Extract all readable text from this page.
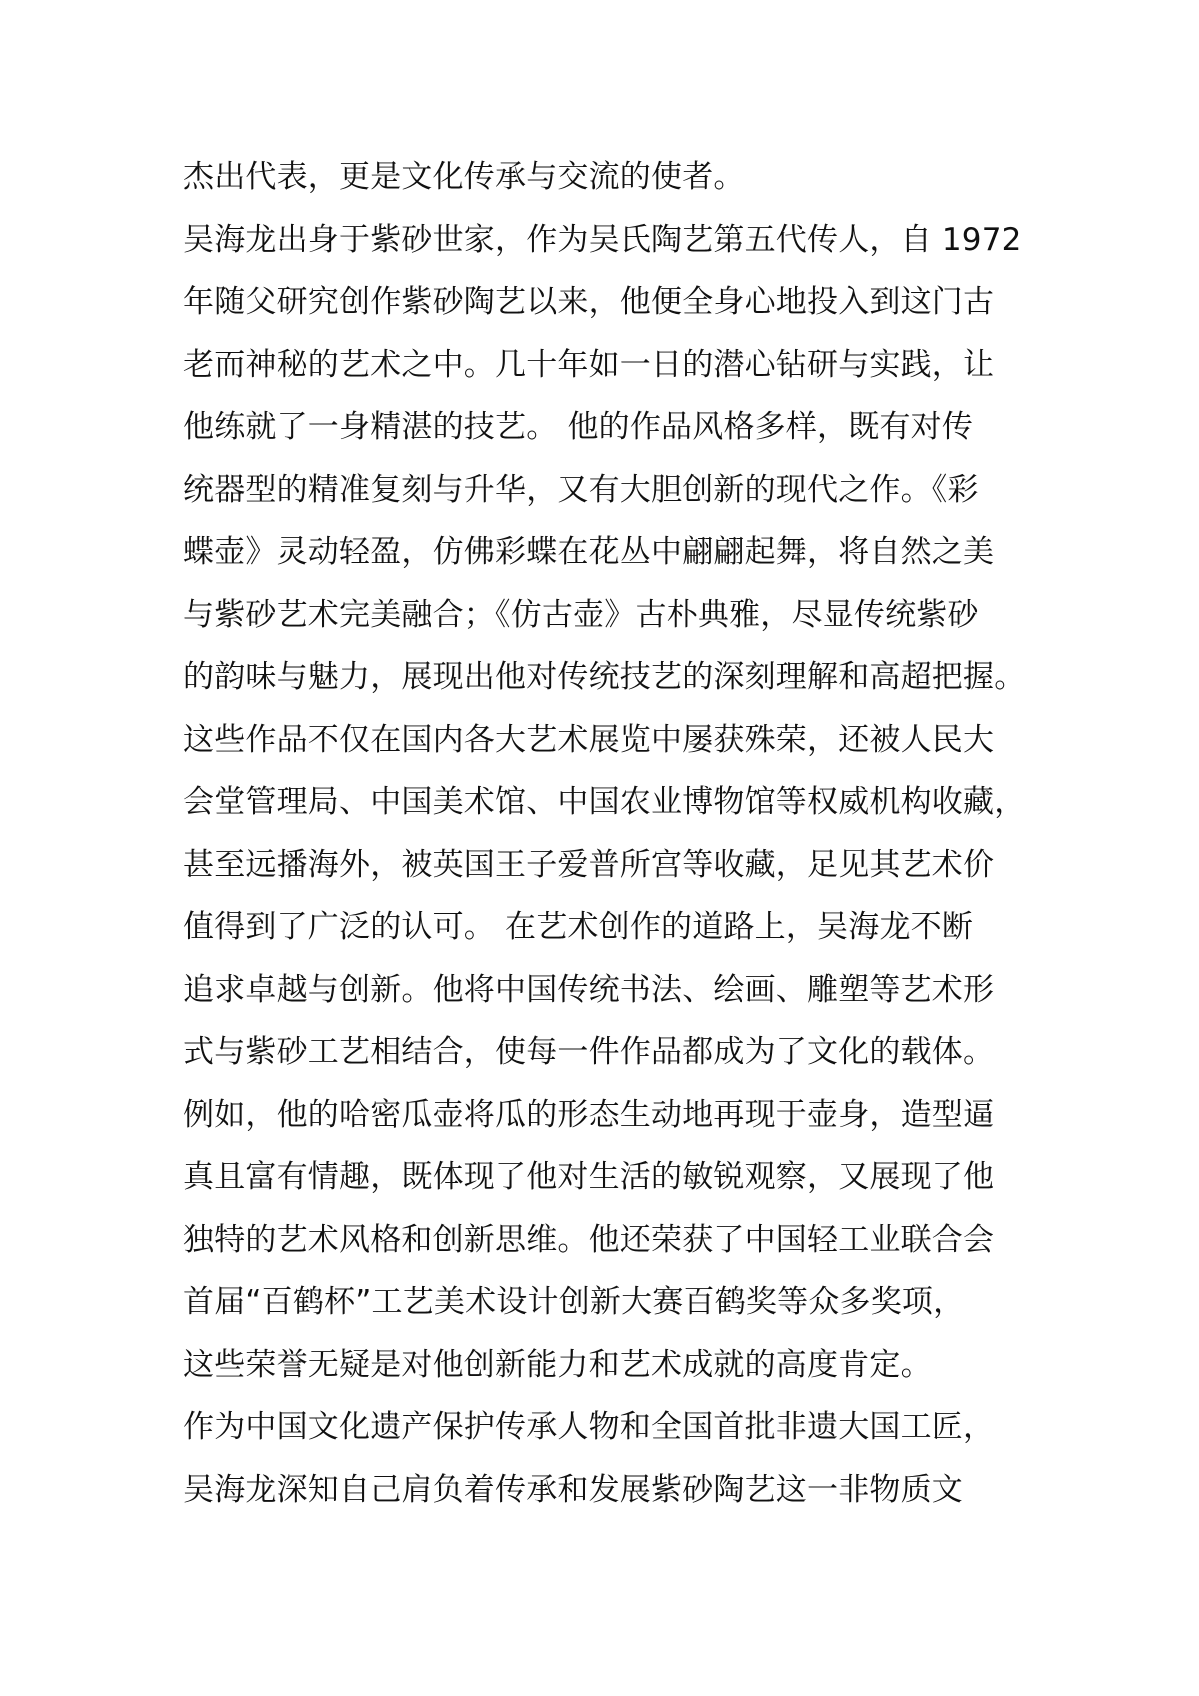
杰出代表，更是文化传承与交流的使者。
吴海龙出身于紫砂世家，作为吴氏陶艺第五代传人，自 1972
年随父研究创作紫砂陶艺以来，他便全身心地投入到这门古
老而神秘的艺术之中。几十年如一日的潜心钻研与实践，让
他练就了一身精湛的技艺。 他的作品风格多样，既有对传
统器型的精准复刻与升华，又有大胆创新的现代之作。《彩
蝶壶》灵动轻盈，仿佛彩蝶在花丛中翩翩起舞，将自然之美
与紫砂艺术完美融合；《仿古壶》古朴典雅，尽显传统紫砂
的韵味与魅力，展现出他对传统技艺的深刻理解和高超把握。
这些作品不仅在国内各大艺术展览中屡获殊荣，还被人民大
会堂管理局、中国美术馆、中国农业博物馆等权威机构收藏，
甚至远播海外，被英国王子爱普所宫等收藏，足见其艺术价
值得到了广泛的认可。 在艺术创作的道路上，吴海龙不断
追求卓越与创新。他将中国传统书法、绘画、雕塑等艺术形
式与紫砂工艺相结合，使每一件作品都成为了文化的载体。
例如，他的哈密瓜壶将瓜的形态生动地再现于壶身，造型逼
真且富有情趣，既体现了他对生活的敏锐观察，又展现了他
独特的艺术风格和创新思维。他还荣获了中国轻工业联合会
首届“百鹤杯”工艺美术设计创新大赛百鹤奖等众多奖项，
这些荣誉无疑是对他创新能力和艺术成就的高度肯定。
作为中国文化遗产保护传承人物和全国首批非遗大国工匠，
吴海龙深知自己肩负着传承和发展紫砂陶艺这一非物质文
